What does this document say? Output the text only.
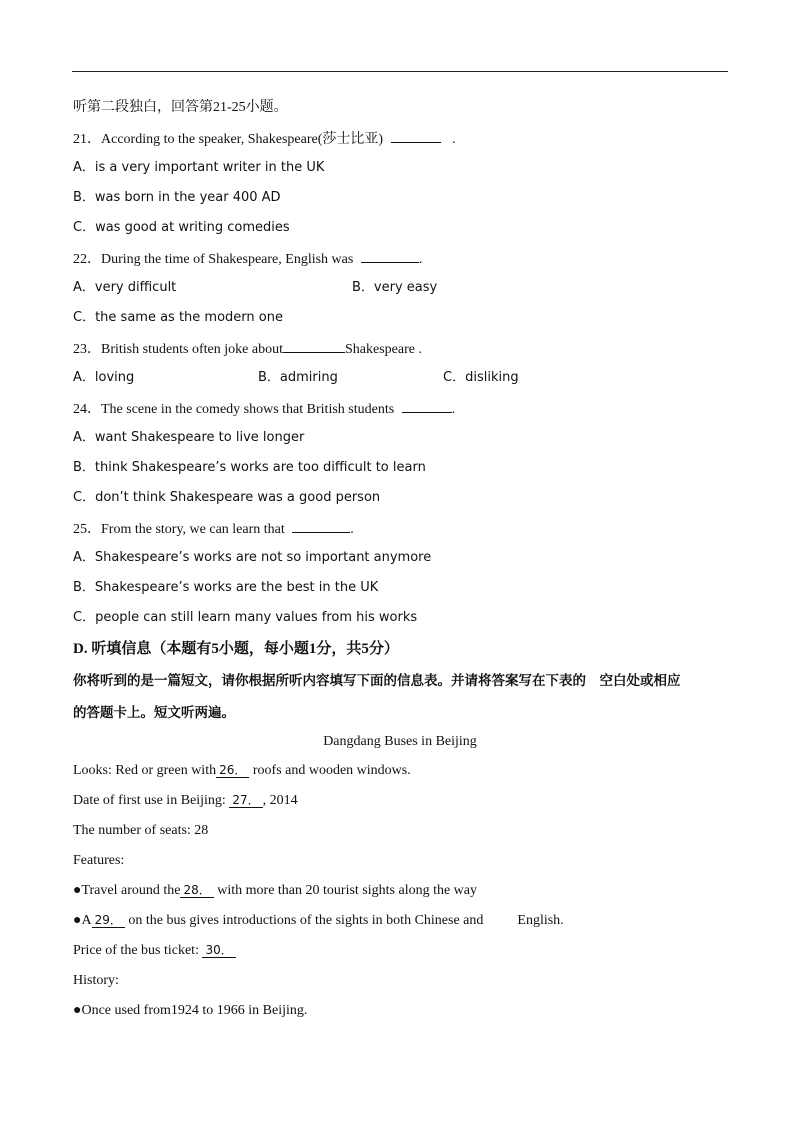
听第二段独白，回答第21-25小题。
21．According to the speaker, Shakespeare(莎士比亚)	.
A．is a very important writer in the UK
B．was born in the year 400 AD
C．was good at writing comedies
22．During the time of Shakespeare, English was	.
A．very difficult	B．very easy
C．the same as the modern one
23．British students often joke about	Shakespeare .
A．loving	B．admiring	C．disliking
24．The scene in the comedy shows that British students	.
A．want Shakespeare to live longer
B．think Shakespeare’s works are too difficult to learn
C．don’t think Shakespeare was a good person
25．From the story, we can learn that	.
A．Shakespeare’s works are not so important anymore
B．Shakespeare’s works are the best in the UK
C．people can still learn many values from his works
D. 听填信息（本题有5小题，每小题1分，共5分）
你将听到的是一篇短文，请你根据所听内容填写下面的信息表。并请将答案写在下表的　空白处或相应
的答题卡上。短文听两遍。
Dangdang Buses in Beijing
Looks: Red or green with 26． roofs and wooden windows.
Date of first use in Beijing: 27． , 2014
The number of seats: 28
Features:
●Travel around the 28． with more than 20 tourist sights along the way
●A 29． on the bus gives introductions of the sights in both Chinese and English.
Price of the bus ticket: 30．
History:
●Once used from1924 to 1966 in Beijing.
